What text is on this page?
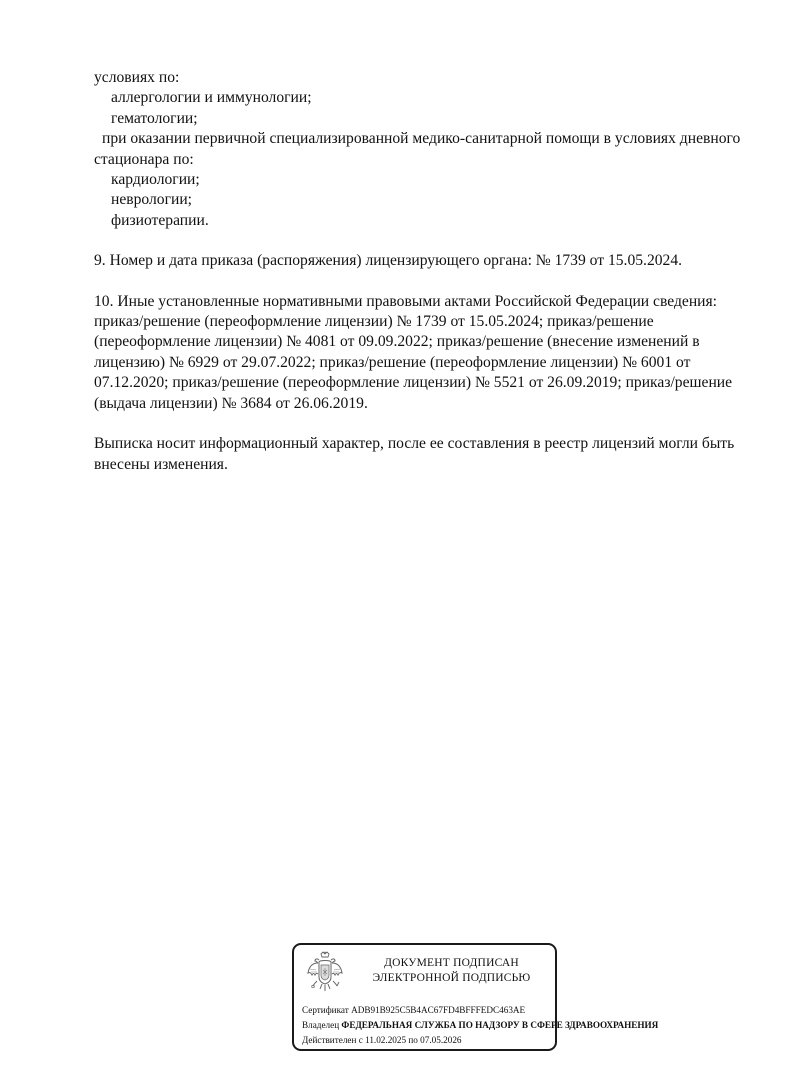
условиях по:
аллергологии и иммунологии;
гематологии;
при оказании первичной специализированной медико-санитарной помощи в условиях дневного
стационара по:
кардиологии;
неврологии;
физиотерапии.
9. Номер и дата приказа (распоряжения) лицензирующего органа: № 1739 от 15.05.2024.
10. Иные установленные нормативными правовыми актами Российской Федерации сведения:
приказ/решение (переоформление лицензии) № 1739 от 15.05.2024; приказ/решение
(переоформление лицензии) № 4081 от 09.09.2022; приказ/решение (внесение изменений в
лицензию) № 6929 от 29.07.2022; приказ/решение (переоформление лицензии) № 6001 от
07.12.2020; приказ/решение (переоформление лицензии) № 5521 от 26.09.2019; приказ/решение
(выдача лицензии) № 3684 от 26.06.2019.
Выписка носит информационный характер, после ее составления в реестр лицензий могли быть
внесены изменения.
ДОКУМЕНТ ПОДПИСАН
ЭЛЕКТРОННОЙ ПОДПИСЬЮ
Сертификат ADB91B925C5B4AC67FD4BFFFEDC463AE
Владелец ФЕДЕРАЛЬНАЯ СЛУЖБА ПО НАДЗОРУ В СФЕРЕ ЗДРАВООХРАНЕНИЯ
Действителен с 11.02.2025 по 07.05.2026
